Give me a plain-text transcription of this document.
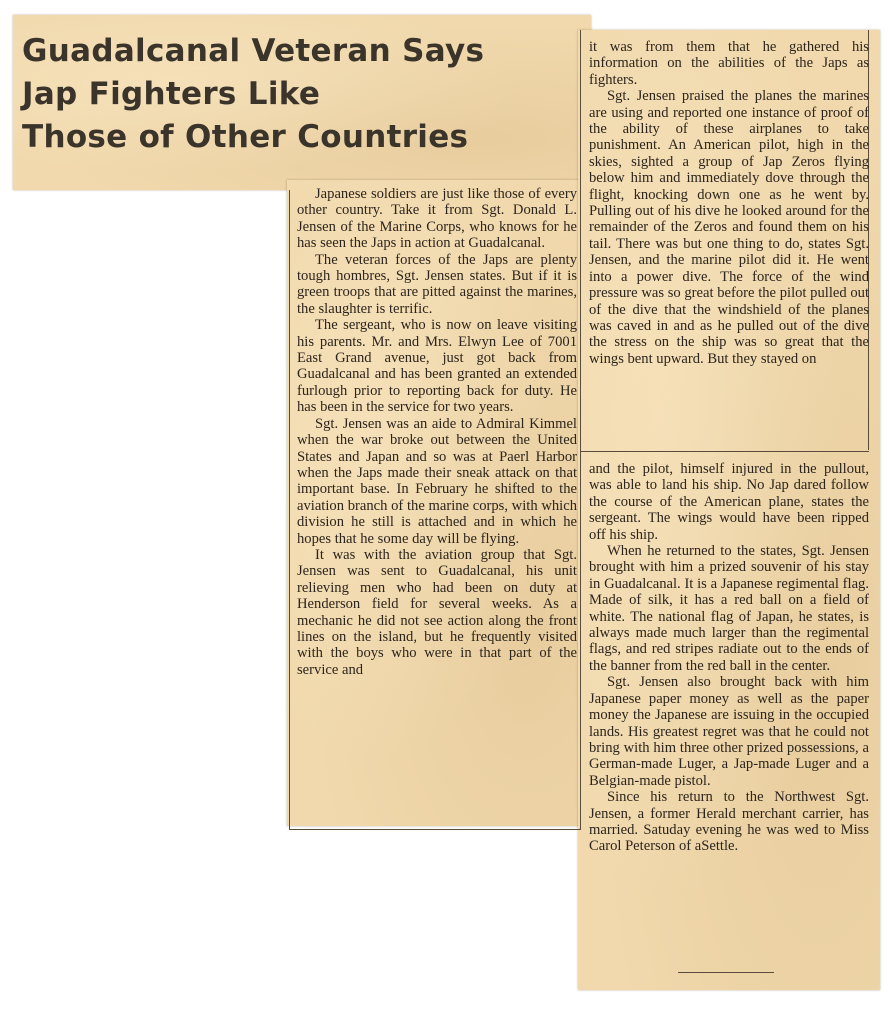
Guadalcanal Veteran Says
Jap Fighters Like
Those of Other Countries

Japanese soldiers are just like those of every other country. Take it from Sgt. Donald L. Jensen of the Marine Corps, who knows for he has seen the Japs in action at Guadalcanal.

The veteran forces of the Japs are plenty tough hombres, Sgt. Jensen states. But if it is green troops that are pitted against the marines, the slaughter is terrific.

The sergeant, who is now on leave visiting his parents. Mr. and Mrs. Elwyn Lee of 7001 East Grand avenue, just got back from Guadalcanal and has been granted an extended furlough prior to reporting back for duty. He has been in the service for two years.

Sgt. Jensen was an aide to Admiral Kimmel when the war broke out between the United States and Japan and so was at Paerl Harbor when the Japs made their sneak attack on that important base. In February he shifted to the aviation branch of the marine corps, with which division he still is attached and in which he hopes that he some day will be flying.

It was with the aviation group that Sgt. Jensen was sent to Guadalcanal, his unit relieving men who had been on duty at Henderson field for several weeks. As a mechanic he did not see action along the front lines on the island, but he frequently visited with the boys who were in that part of the service and

it was from them that he gathered his information on the abilities of the Japs as fighters.

Sgt. Jensen praised the planes the marines are using and reported one instance of proof of the ability of these airplanes to take punishment. An American pilot, high in the skies, sighted a group of Jap Zeros flying below him and immediately dove through the flight, knocking down one as he went by. Pulling out of his dive he looked around for the remainder of the Zeros and found them on his tail. There was but one thing to do, states Sgt. Jensen, and the marine pilot did it. He went into a power dive. The force of the wind pressure was so great before the pilot pulled out of the dive that the windshield of the planes was caved in and as he pulled out of the dive the stress on the ship was so great that the wings bent upward. But they stayed on

and the pilot, himself injured in the pullout, was able to land his ship. No Jap dared follow the course of the American plane, states the sergeant. The wings would have been ripped off his ship.

When he returned to the states, Sgt. Jensen brought with him a prized souvenir of his stay in Guadalcanal. It is a Japanese regimental flag. Made of silk, it has a red ball on a field of white. The national flag of Japan, he states, is always made much larger than the regimental flags, and red stripes radiate out to the ends of the banner from the red ball in the center.

Sgt. Jensen also brought back with him Japanese paper money as well as the paper money the Japanese are issuing in the occupied lands. His greatest regret was that he could not bring with him three other prized possessions, a German-made Luger, a Jap-made Luger and a Belgian-made pistol.

Since his return to the Northwest Sgt. Jensen, a former Herald merchant carrier, has married. Satuday evening he was wed to Miss Carol Peterson of aSettle.
